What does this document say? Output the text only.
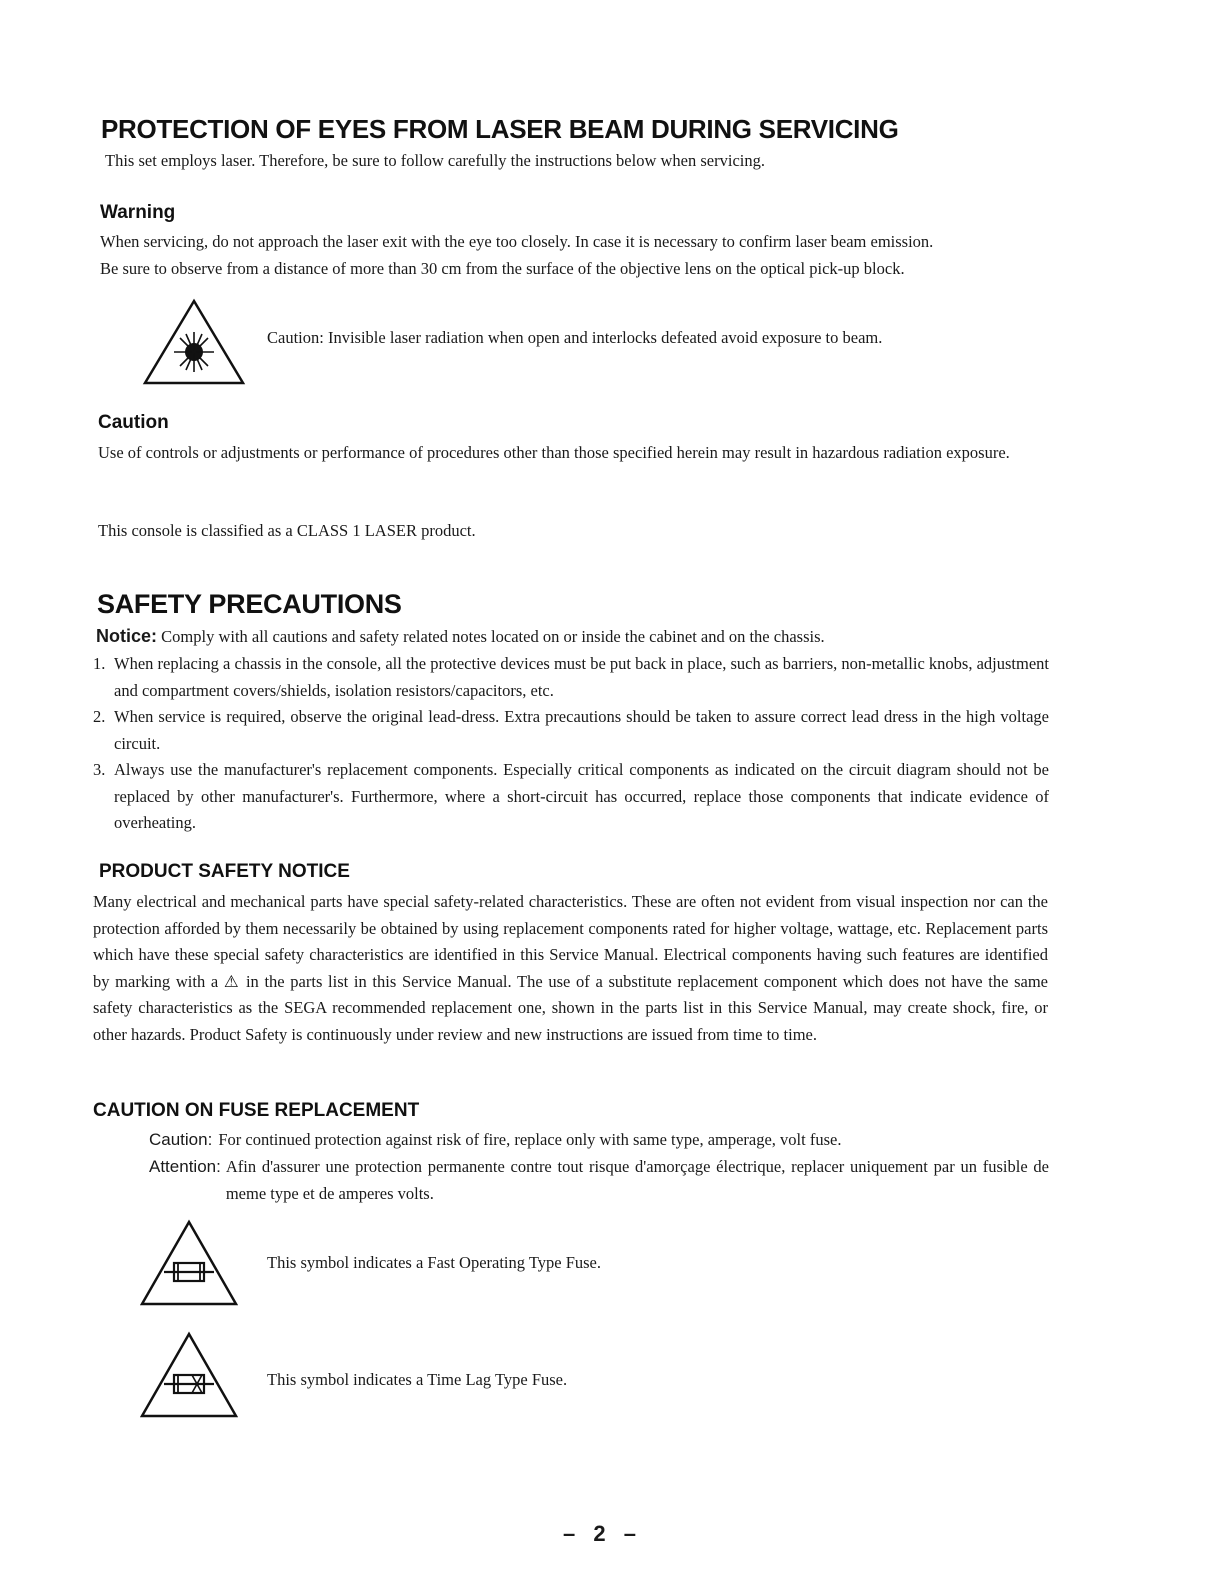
PROTECTION OF EYES FROM LASER BEAM DURING SERVICING
This set employs laser. Therefore, be sure to follow carefully the instructions below when servicing.
Warning
When servicing, do not approach the laser exit with the eye too closely. In case it is necessary to confirm laser beam emission.
Be sure to observe from a distance of more than 30 cm from the surface of the objective lens on the optical pick-up block.
Caution: Invisible laser radiation when open and interlocks defeated avoid exposure to beam.
Caution
Use of controls or adjustments or performance of procedures other than those specified herein may result in hazardous radiation exposure.
This console is classified as a CLASS 1 LASER product.
SAFETY PRECAUTIONS
Notice: Comply with all cautions and safety related notes located on or inside the cabinet and on the chassis.
1. When replacing a chassis in the console, all the protective devices must be put back in place, such as barriers, non-metallic knobs, adjustment and compartment covers/shields, isolation resistors/capacitors, etc.
2. When service is required, observe the original lead-dress. Extra precautions should be taken to assure correct lead dress in the high voltage circuit.
3. Always use the manufacturer's replacement components. Especially critical components as indicated on the circuit diagram should not be replaced by other manufacturer's. Furthermore, where a short-circuit has occurred, replace those components that indicate evidence of overheating.
PRODUCT SAFETY NOTICE
Many electrical and mechanical parts have special safety-related characteristics. These are often not evident from visual inspection nor can the protection afforded by them necessarily be obtained by using replacement components rated for higher voltage, wattage, etc. Replacement parts which have these special safety characteristics are identified in this Service Manual. Electrical components having such features are identified by marking with a ⚠ in the parts list in this Service Manual. The use of a substitute replacement component which does not have the same safety characteristics as the SEGA recommended replacement one, shown in the parts list in this Service Manual, may create shock, fire, or other hazards. Product Safety is continuously under review and new instructions are issued from time to time.
CAUTION ON FUSE REPLACEMENT
Caution: For continued protection against risk of fire, replace only with same type, amperage, volt fuse.
Attention: Afin d'assurer une protection permanente contre tout risque d'amorçage électrique, replacer uniquement par un fusible de meme type et de amperes volts.
This symbol indicates a Fast Operating Type Fuse.
This symbol indicates a Time Lag Type Fuse.
– 2 –
